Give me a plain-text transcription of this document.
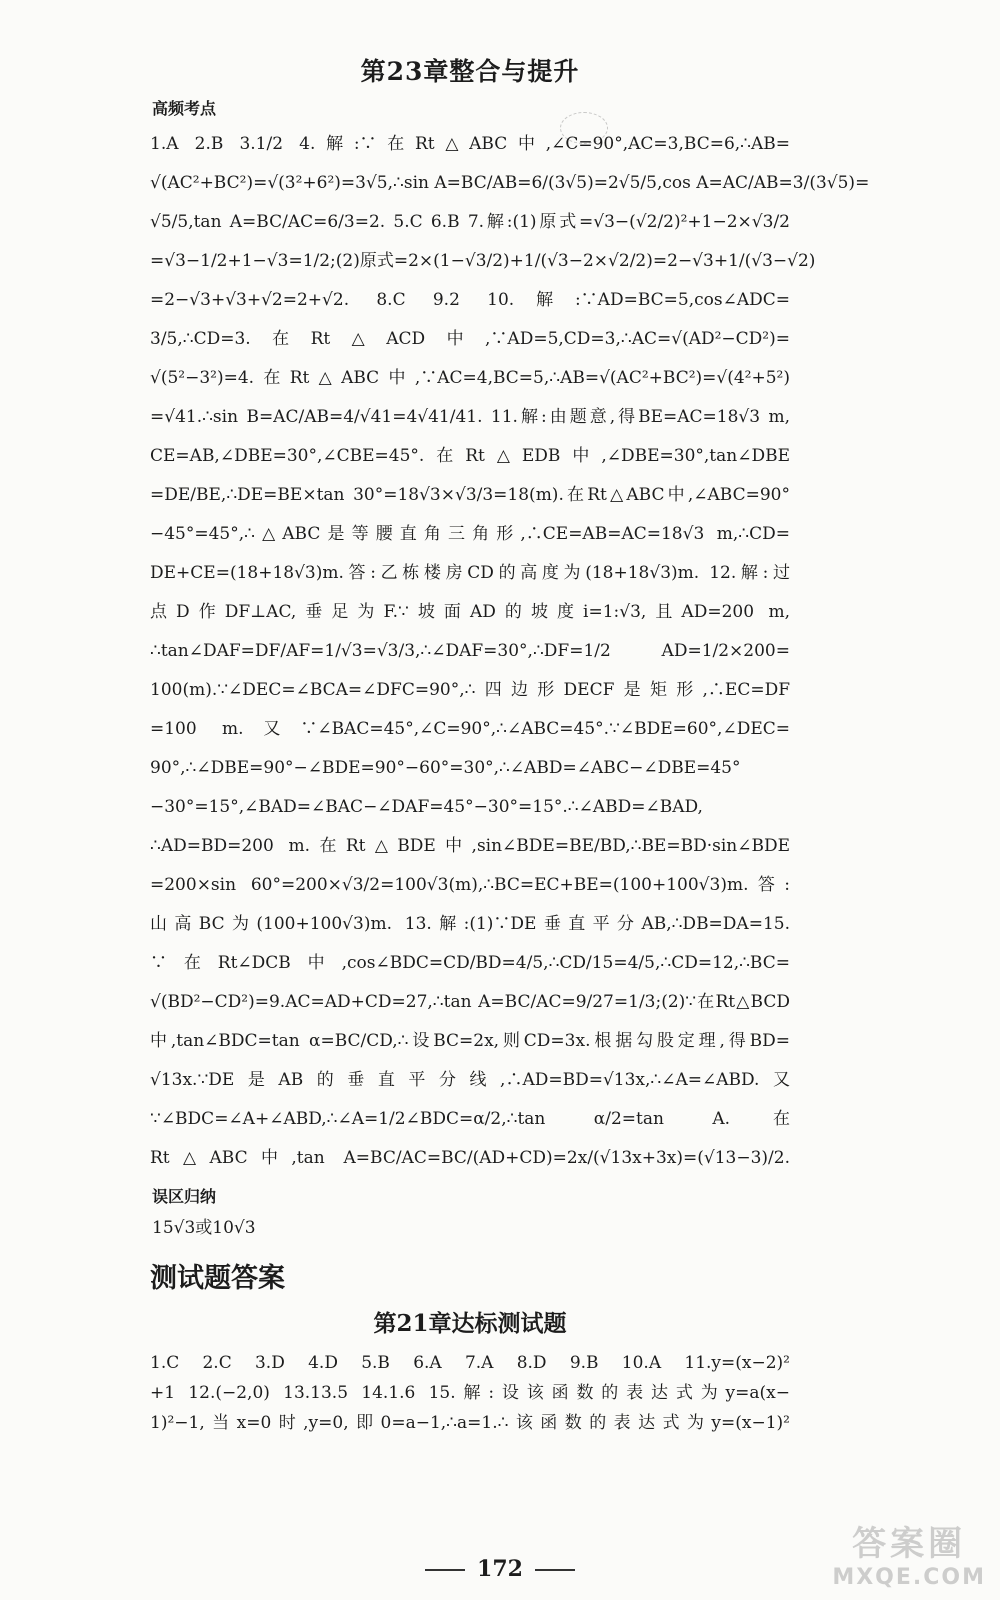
第23章整合与提升
高频考点
1.A 2.B 3.1/2 4.解:∵在Rt△ABC中,∠C=90°,AC=3,BC=6,∴AB=
√(AC²+BC²)=√(3²+6²)=3√5,∴sin A=BC/AB=6/(3√5)=2√5/5,cos A=AC/AB=3/(3√5)=
√5/5,tan A=BC/AC=6/3=2. 5.C 6.B 7.解:(1)原式=√3−(√2/2)²+1−2×√3/2
=√3−1/2+1−√3=1/2;(2)原式=2×(1−√3/2)+1/(√3−2×√2/2)=2−√3+1/(√3−√2)
=2−√3+√3+√2=2+√2. 8.C 9.2 10.解:∵AD=BC=5,cos∠ADC=
3/5,∴CD=3.在Rt△ACD中,∵AD=5,CD=3,∴AC=√(AD²−CD²)=
√(5²−3²)=4.在Rt△ABC中,∵AC=4,BC=5,∴AB=√(AC²+BC²)=√(4²+5²)
=√41.∴sin B=AC/AB=4/√41=4√41/41. 11.解:由题意,得BE=AC=18√3 m,
CE=AB,∠DBE=30°,∠CBE=45°.在Rt△EDB中,∠DBE=30°,tan∠DBE
=DE/BE,∴DE=BE×tan 30°=18√3×√3/3=18(m).在Rt△ABC中,∠ABC=90°
−45°=45°,∴△ABC是等腰直角三角形,∴CE=AB=AC=18√3 m,∴CD=
DE+CE=(18+18√3)m.答:乙栋楼房CD的高度为(18+18√3)m. 12.解:过
点D作DF⊥AC,垂足为F.∵坡面AD的坡度i=1:√3,且AD=200 m,
∴tan∠DAF=DF/AF=1/√3=√3/3,∴∠DAF=30°,∴DF=1/2 AD=1/2×200=
100(m).∵∠DEC=∠BCA=∠DFC=90°,∴四边形DECF是矩形,∴EC=DF
=100 m.又∵∠BAC=45°,∠C=90°,∴∠ABC=45°.∵∠BDE=60°,∠DEC=
90°,∴∠DBE=90°−∠BDE=90°−60°=30°,∴∠ABD=∠ABC−∠DBE=45°
−30°=15°,∠BAD=∠BAC−∠DAF=45°−30°=15°.∴∠ABD=∠BAD,
∴AD=BD=200 m.在Rt△BDE中,sin∠BDE=BE/BD,∴BE=BD·sin∠BDE
=200×sin 60°=200×√3/2=100√3(m),∴BC=EC+BE=(100+100√3)m.答:
山高BC为(100+100√3)m. 13.解:(1)∵DE垂直平分AB,∴DB=DA=15.
∵在Rt∠DCB中,cos∠BDC=CD/BD=4/5,∴CD/15=4/5,∴CD=12,∴BC=
√(BD²−CD²)=9.AC=AD+CD=27,∴tan A=BC/AC=9/27=1/3;(2)∵在Rt△BCD
中,tan∠BDC=tan α=BC/CD,∴设BC=2x,则CD=3x.根据勾股定理,得BD=
√13x.∵DE是AB的垂直平分线,∴AD=BD=√13x,∴∠A=∠ABD.又
∵∠BDC=∠A+∠ABD,∴∠A=1/2∠BDC=α/2,∴tan α/2=tan A.在
Rt△ABC中,tan A=BC/AC=BC/(AD+CD)=2x/(√13x+3x)=(√13−3)/2.
误区归纳
15√3或10√3
测试题答案
第21章达标测试题
1.C 2.C 3.D 4.D 5.B 6.A 7.A 8.D 9.B 10.A 11.y=(x−2)²
+1 12.(−2,0) 13.13.5 14.1.6 15.解:设该函数的表达式为y=a(x−
1)²−1,当x=0时,y=0,即0=a−1,∴a=1.∴该函数的表达式为y=(x−1)²
172
答案圈
MXQE.COM
